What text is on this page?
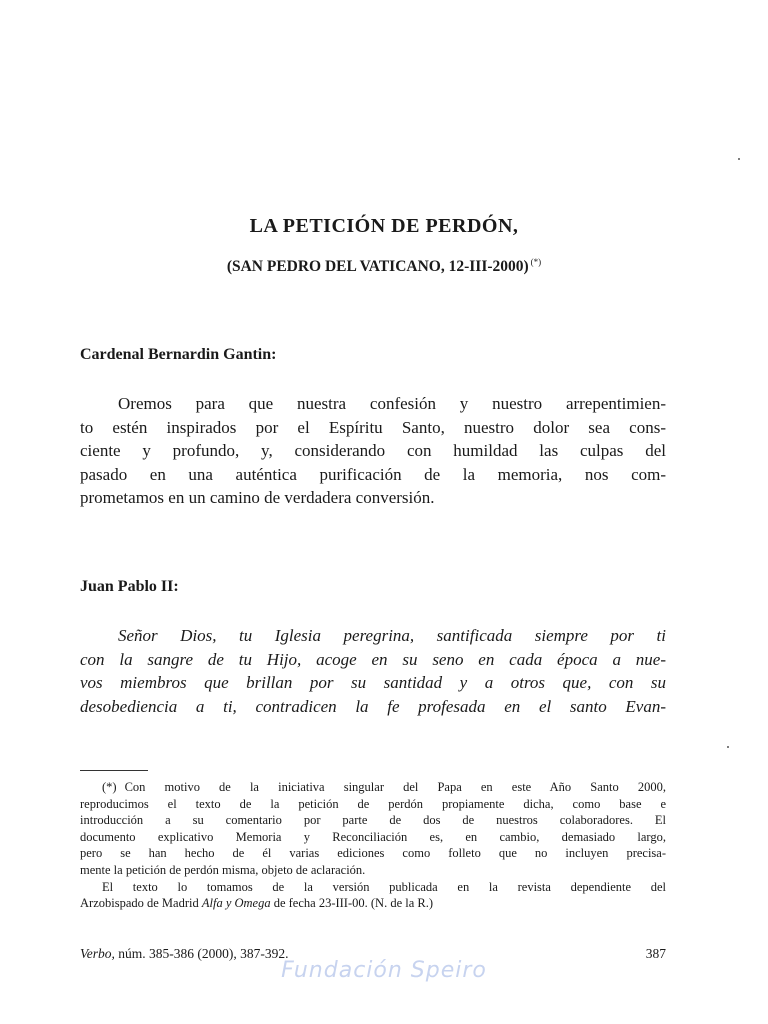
LA PETICIÓN DE PERDÓN,
(SAN PEDRO DEL VATICANO, 12-III-2000) (*)
Cardenal Bernardin Gantin:
Oremos para que nuestra confesión y nuestro arrepentimien-
to estén inspirados por el Espíritu Santo, nuestro dolor sea cons-
ciente y profundo, y, considerando con humildad las culpas del
pasado en una auténtica purificación de la memoria, nos com-
prometamos en un camino de verdadera conversión.
Juan Pablo II:
Señor Dios, tu Iglesia peregrina, santificada siempre por ti
con la sangre de tu Hijo, acoge en su seno en cada época a nue-
vos miembros que brillan por su santidad y a otros que, con su
desobediencia a ti, contradicen la fe profesada en el santo Evan-
(*) Con motivo de la iniciativa singular del Papa en este Año Santo 2000,
reproducimos el texto de la petición de perdón propiamente dicha, como base e
introducción a su comentario por parte de dos de nuestros colaboradores. El
documento explicativo Memoria y Reconciliación es, en cambio, demasiado largo,
pero se han hecho de él varias ediciones como folleto que no incluyen precisa-
mente la petición de perdón misma, objeto de aclaración.
El texto lo tomamos de la versión publicada en la revista dependiente del
Arzobispado de Madrid Alfa y Omega de fecha 23-III-00. (N. de la R.)
Verbo, núm. 385-386 (2000), 387-392.	387
Fundación Speiro
